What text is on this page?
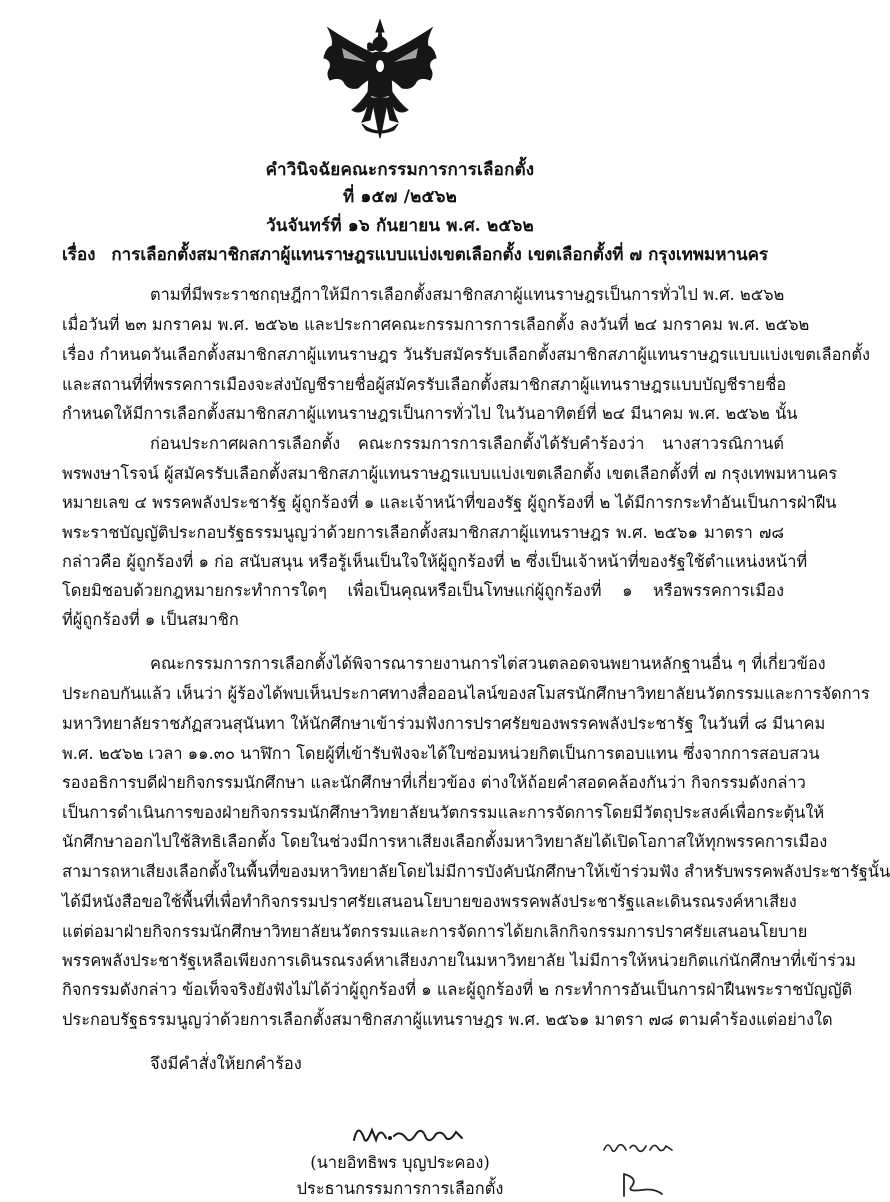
คำวินิจฉัยคณะกรรมการการเลือกตั้ง
ที่ ๑๕๗ /๒๕๖๒
วันจันทร์ที่ ๑๖ กันยายน พ.ศ. ๒๕๖๒
เรื่อง การเลือกตั้งสมาชิกสภาผู้แทนราษฎรแบบแบ่งเขตเลือกตั้ง เขตเลือกตั้งที่ ๗ กรุงเทพมหานคร
ตามที่มีพระราชกฤษฎีกาให้มีการเลือกตั้งสมาชิกสภาผู้แทนราษฎรเป็นการทั่วไป พ.ศ. ๒๕๖๒
เมื่อวันที่ ๒๓ มกราคม พ.ศ. ๒๕๖๒ และประกาศคณะกรรมการการเลือกตั้ง ลงวันที่ ๒๔ มกราคม พ.ศ. ๒๕๖๒
เรื่อง กำหนดวันเลือกตั้งสมาชิกสภาผู้แทนราษฎร วันรับสมัครรับเลือกตั้งสมาชิกสภาผู้แทนราษฎรแบบแบ่งเขตเลือกตั้ง
และสถานที่ที่พรรคการเมืองจะส่งบัญชีรายชื่อผู้สมัครรับเลือกตั้งสมาชิกสภาผู้แทนราษฎรแบบบัญชีรายชื่อ
กำหนดให้มีการเลือกตั้งสมาชิกสภาผู้แทนราษฎรเป็นการทั่วไป ในวันอาทิตย์ที่ ๒๔ มีนาคม พ.ศ. ๒๕๖๒ นั้น
ก่อนประกาศผลการเลือกตั้ง คณะกรรมการการเลือกตั้งได้รับคำร้องว่า นางสาวรณิกานต์
พรพงษาโรจน์ ผู้สมัครรับเลือกตั้งสมาชิกสภาผู้แทนราษฎรแบบแบ่งเขตเลือกตั้ง เขตเลือกตั้งที่ ๗ กรุงเทพมหานคร
หมายเลข ๔ พรรคพลังประชารัฐ ผู้ถูกร้องที่ ๑ และเจ้าหน้าที่ของรัฐ ผู้ถูกร้องที่ ๒ ได้มีการกระทำอันเป็นการฝ่าฝืน
พระราชบัญญัติประกอบรัฐธรรมนูญว่าด้วยการเลือกตั้งสมาชิกสภาผู้แทนราษฎร พ.ศ. ๒๕๖๑ มาตรา ๗๘
กล่าวคือ ผู้ถูกร้องที่ ๑ ก่อ สนับสนุน หรือรู้เห็นเป็นใจให้ผู้ถูกร้องที่ ๒ ซึ่งเป็นเจ้าหน้าที่ของรัฐใช้ตำแหน่งหน้าที่
โดยมิชอบด้วยกฎหมายกระทำการใดๆ เพื่อเป็นคุณหรือเป็นโทษแก่ผู้ถูกร้องที่ ๑ หรือพรรคการเมือง
ที่ผู้ถูกร้องที่ ๑ เป็นสมาชิก
คณะกรรมการการเลือกตั้งได้พิจารณารายงานการไต่สวนตลอดจนพยานหลักฐานอื่น ๆ ที่เกี่ยวข้อง
ประกอบกันแล้ว เห็นว่า ผู้ร้องได้พบเห็นประกาศทางสื่อออนไลน์ของสโมสรนักศึกษาวิทยาลัยนวัตกรรมและการจัดการ
มหาวิทยาลัยราชภัฏสวนสุนันทา ให้นักศึกษาเข้าร่วมฟังการปราศรัยของพรรคพลังประชารัฐ ในวันที่ ๘ มีนาคม
พ.ศ. ๒๕๖๒ เวลา ๑๑.๓๐ นาฬิกา โดยผู้ที่เข้ารับฟังจะได้ใบซ่อมหน่วยกิตเป็นการตอบแทน ซึ่งจากการสอบสวน
รองอธิการบดีฝ่ายกิจกรรมนักศึกษา และนักศึกษาที่เกี่ยวข้อง ต่างให้ถ้อยคำสอดคล้องกันว่า กิจกรรมดังกล่าว
เป็นการดำเนินการของฝ่ายกิจกรรมนักศึกษาวิทยาลัยนวัตกรรมและการจัดการโดยมีวัตถุประสงค์เพื่อกระตุ้นให้
นักศึกษาออกไปใช้สิทธิเลือกตั้ง โดยในช่วงมีการหาเสียงเลือกตั้งมหาวิทยาลัยได้เปิดโอกาสให้ทุกพรรคการเมือง
สามารถหาเสียงเลือกตั้งในพื้นที่ของมหาวิทยาลัยโดยไม่มีการบังคับนักศึกษาให้เข้าร่วมฟัง สำหรับพรรคพลังประชารัฐนั้น
ได้มีหนังสือขอใช้พื้นที่เพื่อทำกิจกรรมปราศรัยเสนอนโยบายของพรรคพลังประชารัฐและเดินรณรงค์หาเสียง
แต่ต่อมาฝ่ายกิจกรรมนักศึกษาวิทยาลัยนวัตกรรมและการจัดการได้ยกเลิกกิจกรรมการปราศรัยเสนอนโยบาย
พรรคพลังประชารัฐเหลือเพียงการเดินรณรงค์หาเสียงภายในมหาวิทยาลัย ไม่มีการให้หน่วยกิตแก่นักศึกษาที่เข้าร่วม
กิจกรรมดังกล่าว ข้อเท็จจริงยังฟังไม่ได้ว่าผู้ถูกร้องที่ ๑ และผู้ถูกร้องที่ ๒ กระทำการอันเป็นการฝ่าฝืนพระราชบัญญัติ
ประกอบรัฐธรรมนูญว่าด้วยการเลือกตั้งสมาชิกสภาผู้แทนราษฎร พ.ศ. ๒๕๖๑ มาตรา ๗๘ ตามคำร้องแต่อย่างใด
จึงมีคำสั่งให้ยกคำร้อง
(นายอิทธิพร บุญประคอง)
ประธานกรรมการการเลือกตั้ง
